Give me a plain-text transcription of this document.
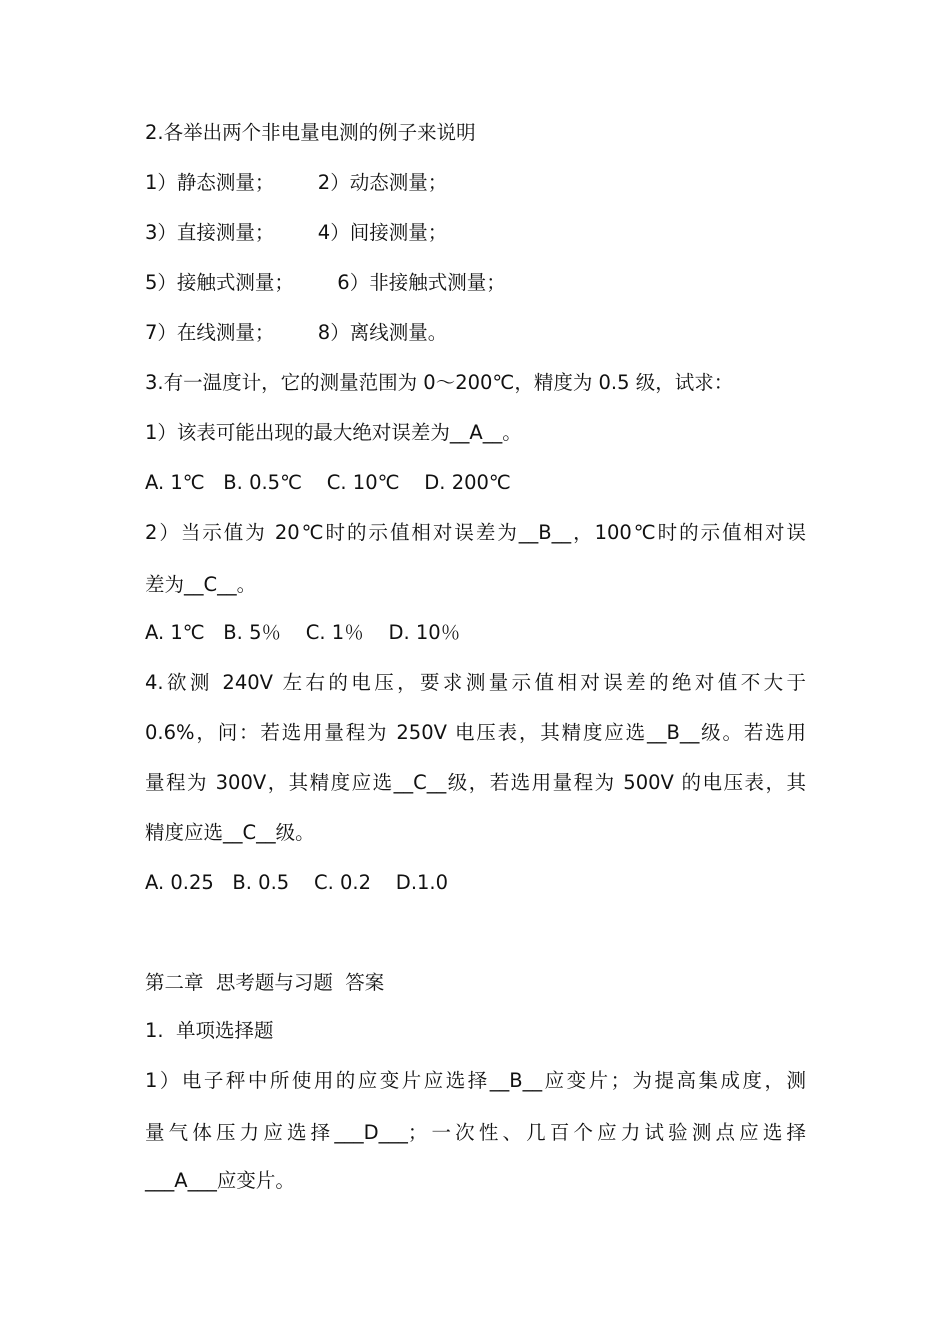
2.各举出两个非电量电测的例子来说明
1）静态测量；       2）动态测量；
3）直接测量；       4）间接测量；
5）接触式测量；       6）非接触式测量；
7）在线测量；       8）离线测量。
3.有一温度计，它的测量范围为 0～200℃，精度为 0.5 级，试求：
1）该表可能出现的最大绝对误差为__A__。
A. 1℃   B. 0.5℃    C. 10℃    D. 200℃
2）当示值为 20℃时的示值相对误差为__B__，100℃时的示值相对误
差为__C__。
A. 1℃   B. 5％    C. 1％    D. 10％
4.欲测 240V 左右的电压，要求测量示值相对误差的绝对值不大于
0.6%，问：若选用量程为 250V 电压表，其精度应选__B__级。若选用
量程为 300V，其精度应选__C__级，若选用量程为 500V 的电压表，其
精度应选__C__级。
A. 0.25   B. 0.5    C. 0.2    D.1.0
第二章  思考题与习题  答案
1.  单项选择题
1）电子秤中所使用的应变片应选择__B__应变片；为提高集成度，测
量气体压力应选择___D___；一次性、几百个应力试验测点应选择
___A___应变片。
